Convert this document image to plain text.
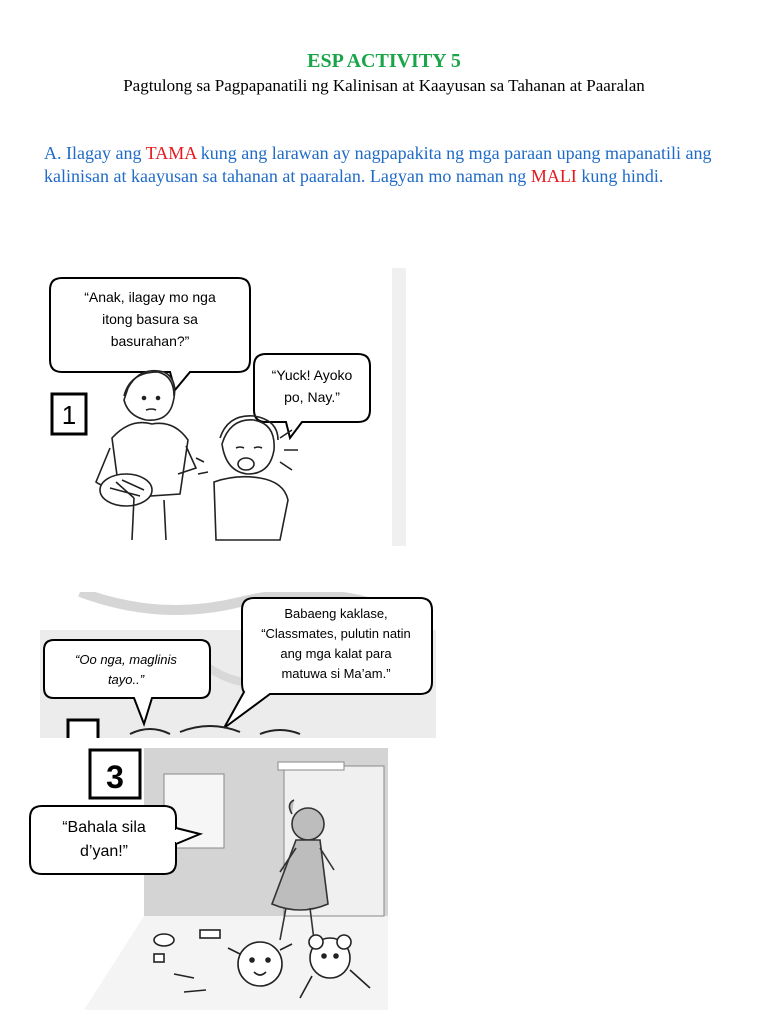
ESP ACTIVITY 5
Pagtulong sa Pagpapanatili ng Kalinisan at Kaayusan sa Tahanan at Paaralan
A. Ilagay ang TAMA kung ang larawan ay nagpapakita ng mga paraan upang mapanatili ang kalinisan at kaayusan sa tahanan at paaralan. Lagyan mo naman ng MALI kung hindi.
“Anak, ilagay mo nga
itong basura sa
basurahan?”
“Yuck! Ayoko
po, Nay.”
1
“Oo nga, maglinis
tayo..”
Babaeng kaklase,
“Classmates, pulutin natin
ang mga kalat para
matuwa si Ma’am.”
3
“Bahala sila
d’yan!”
